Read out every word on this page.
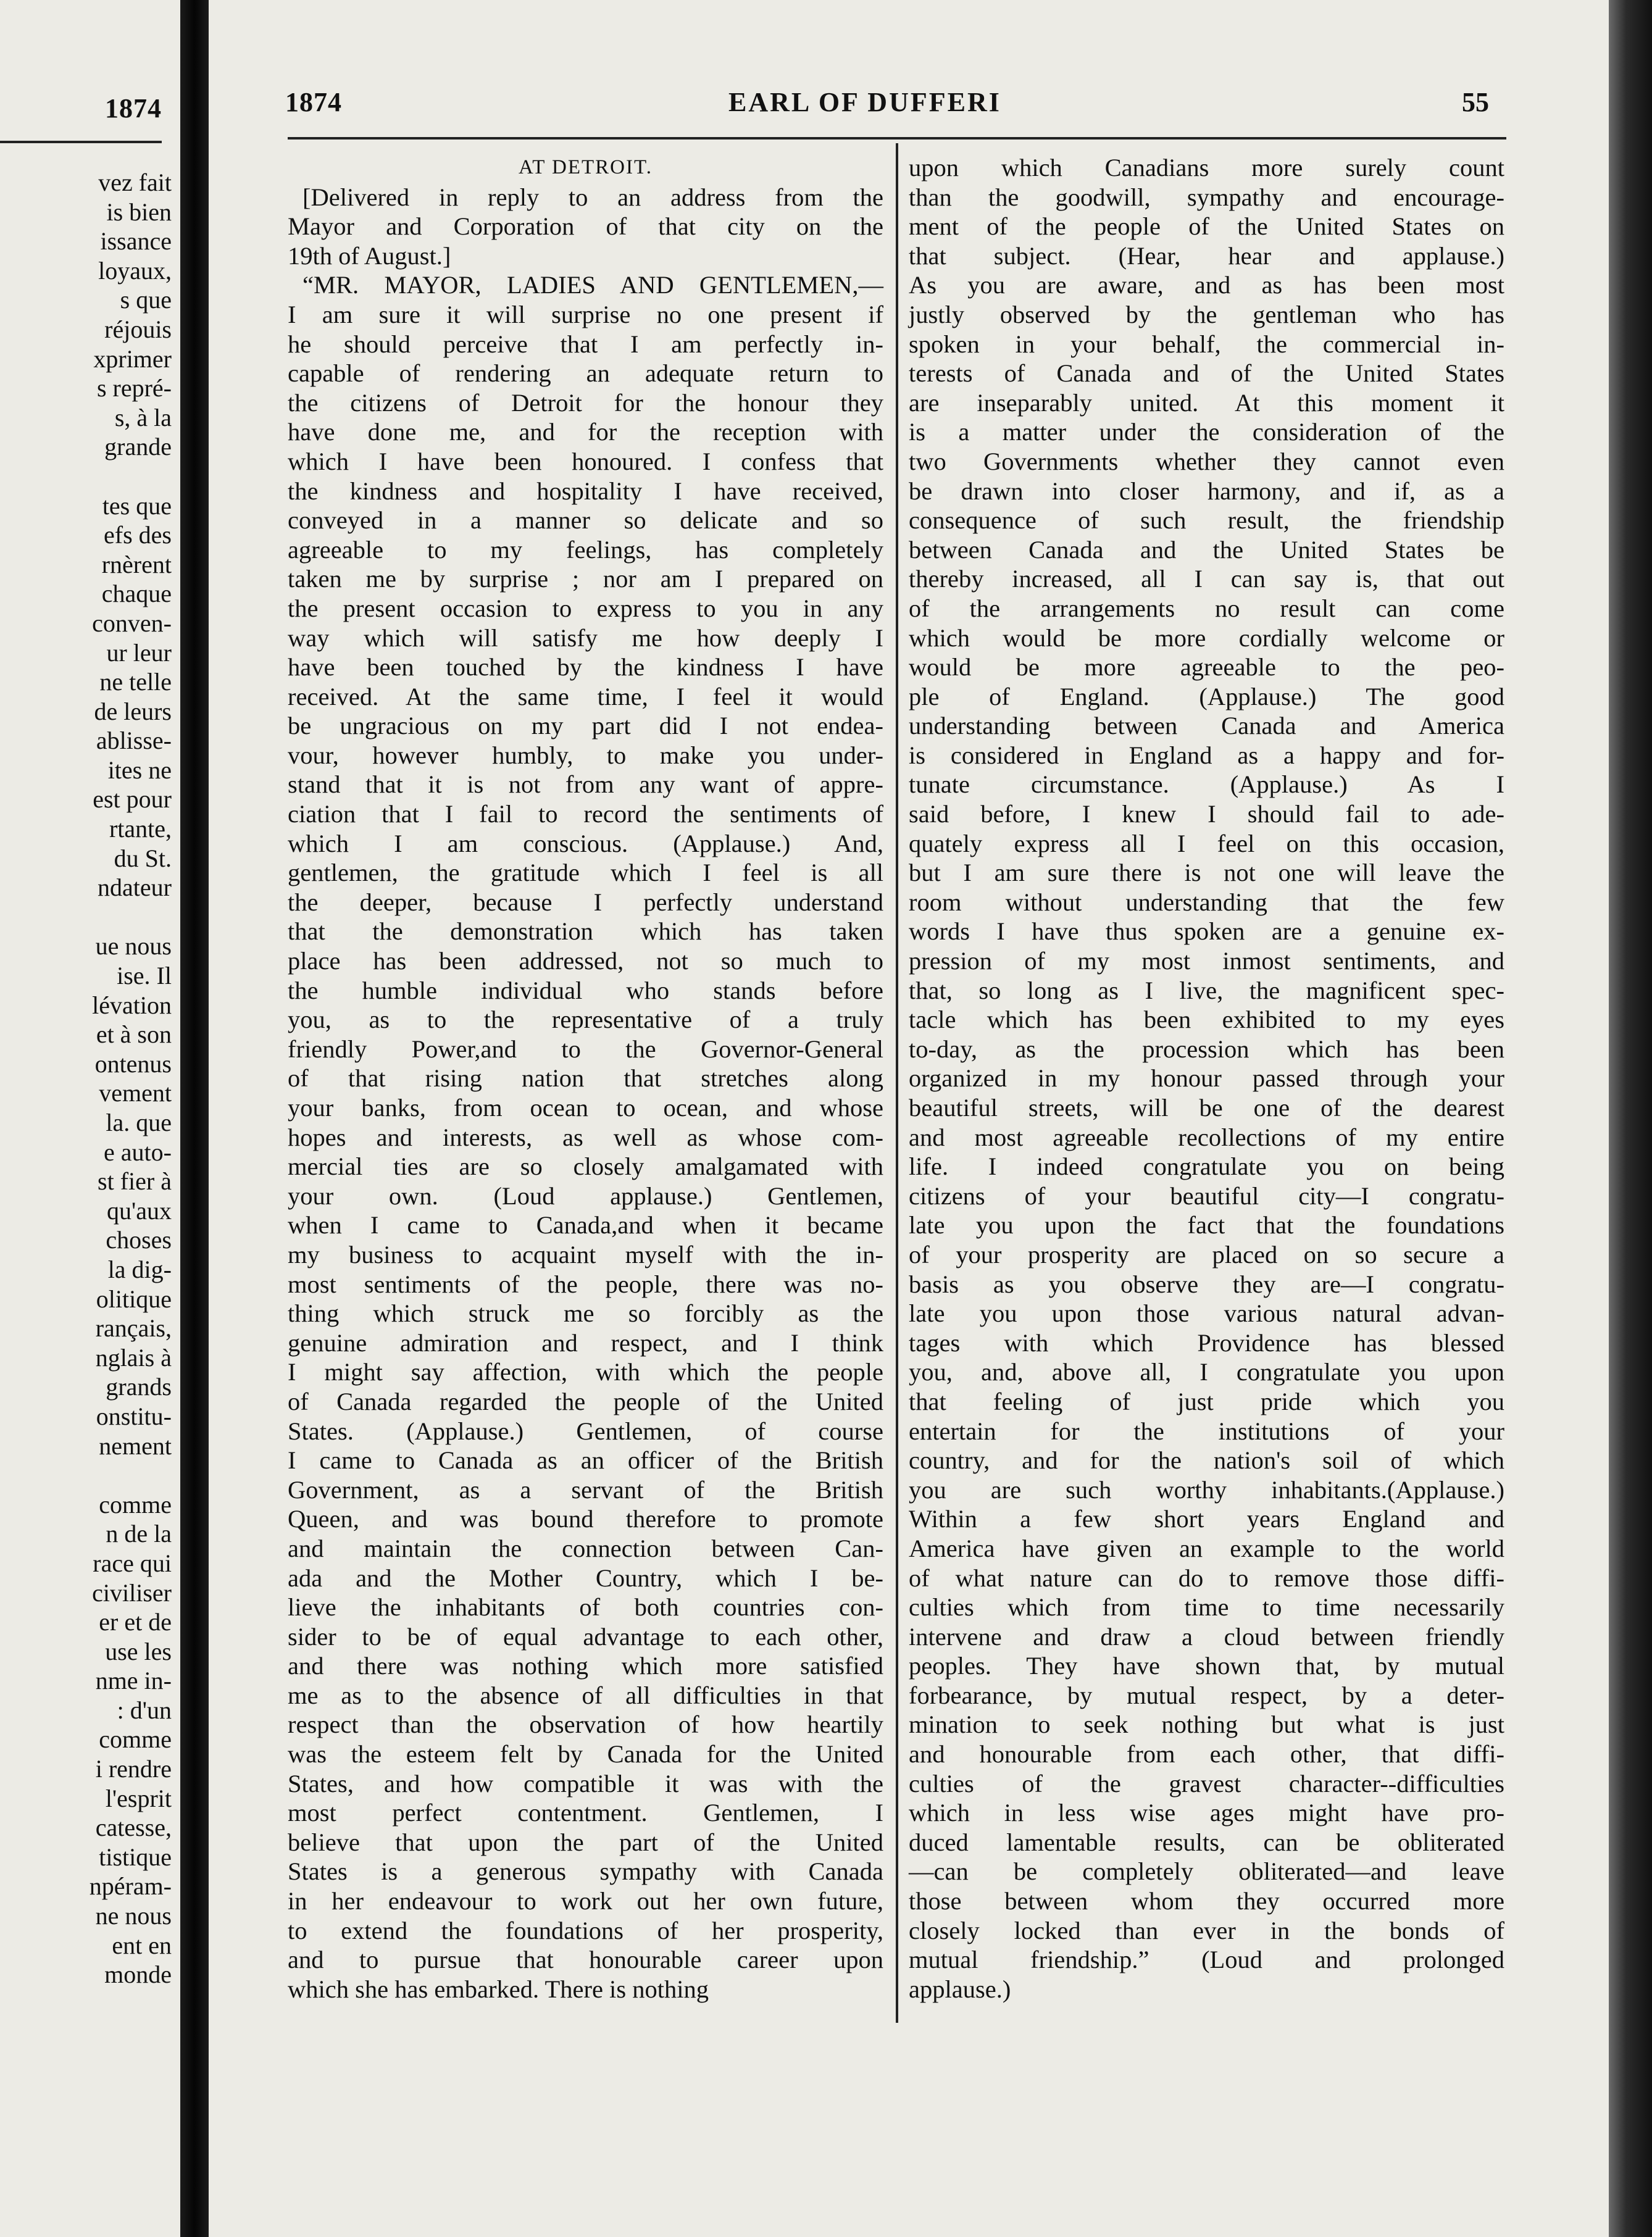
1874
vez fait
is bien
issance
loyaux,
s que
réjouis
xprimer
s repré-
s, à la
grande
tes que
efs des
rnèrent
chaque
conven-
ur leur
ne telle
de leurs
ablisse-
ites ne
est pour
rtante,
du St.
ndateur
ue nous
ise. Il
lévation
et à son
ontenus
vement
la. que
e auto-
st fier à
qu'aux
choses
la dig-
olitique
rançais,
nglais à
grands
onstitu-
nement
comme
n de la
race qui
civiliser
er et de
use les
nme in-
: d'un
comme
i rendre
l'esprit
catesse,
tistique
npéram-
ne nous
ent en
monde
1874	EARL OF DUFFERI	55
AT DETROIT.
[Delivered in reply to an address from the
Mayor and Corporation of that city on the
19th of August.]
“MR. MAYOR, LADIES AND GENTLEMEN,—
I am sure it will surprise no one present if
he should perceive that I am perfectly in-
capable of rendering an adequate return to
the citizens of Detroit for the honour they
have done me, and for the reception with
which I have been honoured. I confess that
the kindness and hospitality I have received,
conveyed in a manner so delicate and so
agreeable to my feelings, has completely
taken me by surprise ; nor am I prepared on
the present occasion to express to you in any
way which will satisfy me how deeply I
have been touched by the kindness I have
received. At the same time, I feel it would
be ungracious on my part did I not endea-
vour, however humbly, to make you under-
stand that it is not from any want of appre-
ciation that I fail to record the sentiments of
which I am conscious. (Applause.) And,
gentlemen, the gratitude which I feel is all
the deeper, because I perfectly understand
that the demonstration which has taken
place has been addressed, not so much to
the humble individual who stands before
you, as to the representative of a truly
friendly Power,and to the Governor-General
of that rising nation that stretches along
your banks, from ocean to ocean, and whose
hopes and interests, as well as whose com-
mercial ties are so closely amalgamated with
your own. (Loud applause.) Gentlemen,
when I came to Canada,and when it became
my business to acquaint myself with the in-
most sentiments of the people, there was no-
thing which struck me so forcibly as the
genuine admiration and respect, and I think
I might say affection, with which the people
of Canada regarded the people of the United
States. (Applause.) Gentlemen, of course
I came to Canada as an officer of the British
Government, as a servant of the British
Queen, and was bound therefore to promote
and maintain the connection between Can-
ada and the Mother Country, which I be-
lieve the inhabitants of both countries con-
sider to be of equal advantage to each other,
and there was nothing which more satisfied
me as to the absence of all difficulties in that
respect than the observation of how heartily
was the esteem felt by Canada for the United
States, and how compatible it was with the
most perfect contentment. Gentlemen, I
believe that upon the part of the United
States is a generous sympathy with Canada
in her endeavour to work out her own future,
to extend the foundations of her prosperity,
and to pursue that honourable career upon
which she has embarked. There is nothing
upon which Canadians more surely count
than the goodwill, sympathy and encourage-
ment of the people of the United States on
that subject. (Hear, hear and applause.)
As you are aware, and as has been most
justly observed by the gentleman who has
spoken in your behalf, the commercial in-
terests of Canada and of the United States
are inseparably united. At this moment it
is a matter under the consideration of the
two Governments whether they cannot even
be drawn into closer harmony, and if, as a
consequence of such result, the friendship
between Canada and the United States be
thereby increased, all I can say is, that out
of the arrangements no result can come
which would be more cordially welcome or
would be more agreeable to the peo-
ple of England. (Applause.) The good
understanding between Canada and America
is considered in England as a happy and for-
tunate circumstance. (Applause.) As I
said before, I knew I should fail to ade-
quately express all I feel on this occasion,
but I am sure there is not one will leave the
room without understanding that the few
words I have thus spoken are a genuine ex-
pression of my most inmost sentiments, and
that, so long as I live, the magnificent spec-
tacle which has been exhibited to my eyes
to-day, as the procession which has been
organized in my honour passed through your
beautiful streets, will be one of the dearest
and most agreeable recollections of my entire
life. I indeed congratulate you on being
citizens of your beautiful city—I congratu-
late you upon the fact that the foundations
of your prosperity are placed on so secure a
basis as you observe they are—I congratu-
late you upon those various natural advan-
tages with which Providence has blessed
you, and, above all, I congratulate you upon
that feeling of just pride which you
entertain for the institutions of your
country, and for the nation's soil of which
you are such worthy inhabitants.(Applause.)
Within a few short years England and
America have given an example to the world
of what nature can do to remove those diffi-
culties which from time to time necessarily
intervene and draw a cloud between friendly
peoples. They have shown that, by mutual
forbearance, by mutual respect, by a deter-
mination to seek nothing but what is just
and honourable from each other, that diffi-
culties of the gravest character--difficulties
which in less wise ages might have pro-
duced lamentable results, can be obliterated
—can be completely obliterated—and leave
those between whom they occurred more
closely locked than ever in the bonds of
mutual friendship.” (Loud and prolonged
applause.)
